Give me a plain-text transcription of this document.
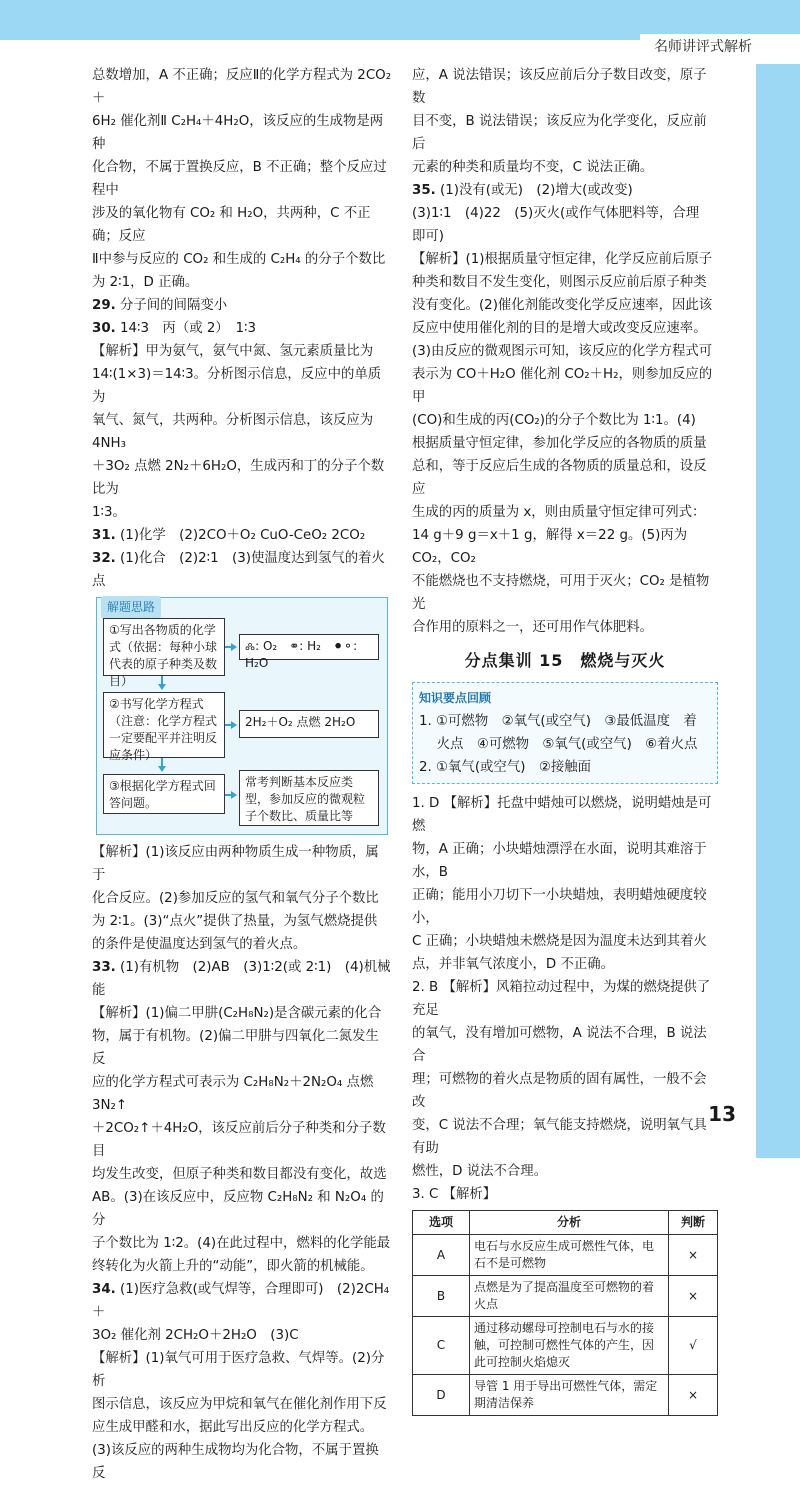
名师讲评式解析

总数增加，A 不正确；反应Ⅱ的化学方程式为 2CO₂＋

6H₂ 催化剂Ⅱ C₂H₄＋4H₂O，该反应的生成物是两种

化合物，不属于置换反应，B 不正确；整个反应过程中

涉及的氧化物有 CO₂ 和 H₂O，共两种，C 不正确；反应

Ⅱ中参与反应的 CO₂ 和生成的 C₂H₄ 的分子个数比

为 2∶1，D 正确。

29. 分子间的间隔变小

30. 14∶3　丙（或 2）　1∶3

【解析】甲为氨气，氨气中氮、氢元素质量比为

14∶(1×3)＝14∶3。分析图示信息，反应中的单质为

氧气、氮气，共两种。分析图示信息，该反应为 4NH₃

＋3O₂ 点燃 2N₂＋6H₂O，生成丙和丁的分子个数比为

1∶3。

31. (1)化学　(2)2CO＋O₂ CuO-CeO₂ 2CO₂

32. (1)化合　(2)2∶1　(3)使温度达到氢气的着火点

解题思路
①写出各物质的化学式（依据：每种小球代表的原子种类及数目）
🝆: O₂　⚭: H₂　⚫⚬: H₂O
②书写化学方程式（注意：化学方程式一定要配平并注明反应条件）
2H₂＋O₂ 点燃 2H₂O
③根据化学方程式回答问题。
常考判断基本反应类型，参加反应的微观粒子个数比、质量比等

【解析】(1)该反应由两种物质生成一种物质，属于

化合反应。(2)参加反应的氢气和氧气分子个数比

为 2∶1。(3)“点火”提供了热量，为氢气燃烧提供

的条件是使温度达到氢气的着火点。

33. (1)有机物　(2)AB　(3)1∶2(或 2∶1)　(4)机械能

【解析】(1)偏二甲肼(C₂H₈N₂)是含碳元素的化合

物，属于有机物。(2)偏二甲肼与四氧化二氮发生反

应的化学方程式可表示为 C₂H₈N₂＋2N₂O₄ 点燃 3N₂↑

＋2CO₂↑＋4H₂O，该反应前后分子种类和分子数目

均发生改变，但原子种类和数目都没有变化，故选

AB。(3)在该反应中，反应物 C₂H₈N₂ 和 N₂O₄ 的分

子个数比为 1∶2。(4)在此过程中，燃料的化学能最

终转化为火箭上升的“动能”，即火箭的机械能。

34. (1)医疗急救(或气焊等，合理即可)　(2)2CH₄＋

3O₂ 催化剂 2CH₂O＋2H₂O　(3)C

【解析】(1)氧气可用于医疗急救、气焊等。(2)分析

图示信息，该反应为甲烷和氧气在催化剂作用下反

应生成甲醛和水，据此写出反应的化学方程式。

(3)该反应的两种生成物均为化合物，不属于置换反

应，A 说法错误；该反应前后分子数目改变，原子数

目不变，B 说法错误；该反应为化学变化，反应前后

元素的种类和质量均不变，C 说法正确。

35. (1)没有(或无)　(2)增大(或改变)

(3)1∶1　(4)22　(5)灭火(或作气体肥料等，合理

即可)

【解析】(1)根据质量守恒定律，化学反应前后原子

种类和数目不发生变化，则图示反应前后原子种类

没有变化。(2)催化剂能改变化学反应速率，因此该

反应中使用催化剂的目的是增大或改变反应速率。

(3)由反应的微观图示可知，该反应的化学方程式可

表示为 CO＋H₂O 催化剂 CO₂＋H₂，则参加反应的甲

(CO)和生成的丙(CO₂)的分子个数比为 1∶1。(4)

根据质量守恒定律，参加化学反应的各物质的质量

总和，等于反应后生成的各物质的质量总和，设反应

生成的丙的质量为 x，则由质量守恒定律可列式：

14 g＋9 g＝x＋1 g，解得 x＝22 g。(5)丙为 CO₂，CO₂

不能燃烧也不支持燃烧，可用于灭火；CO₂ 是植物光

合作用的原料之一，还可用作气体肥料。

分点集训 15　燃烧与灭火
知识要点回顾

1. ①可燃物　②氧气(或空气)　③最低温度　着

　 火点　④可燃物　⑤氧气(或空气)　⑥着火点

2. ①氧气(或空气)　②接触面

1. D 【解析】托盘中蜡烛可以燃烧，说明蜡烛是可燃

物，A 正确；小块蜡烛漂浮在水面，说明其难溶于水，B

正确；能用小刀切下一小块蜡烛，表明蜡烛硬度较小，

C 正确；小块蜡烛未燃烧是因为温度未达到其着火

点，并非氧气浓度小，D 不正确。

2. B 【解析】风箱拉动过程中，为煤的燃烧提供了充足

的氧气，没有增加可燃物，A 说法不合理，B 说法合

理；可燃物的着火点是物质的固有属性，一般不会改

变，C 说法不合理；氧气能支持燃烧，说明氧气具有助

燃性，D 说法不合理。

3. C 【解析】

选项	分析	判断
A	电石与水反应生成可燃性气体，电石不是可燃物	×
B	点燃是为了提高温度至可燃物的着火点	×
C	通过移动螺母可控制电石与水的接触，可控制可燃性气体的产生，因此可控制火焰熄灭	√
D	导管 1 用于导出可燃性气体，需定期清洁保养	×
13
